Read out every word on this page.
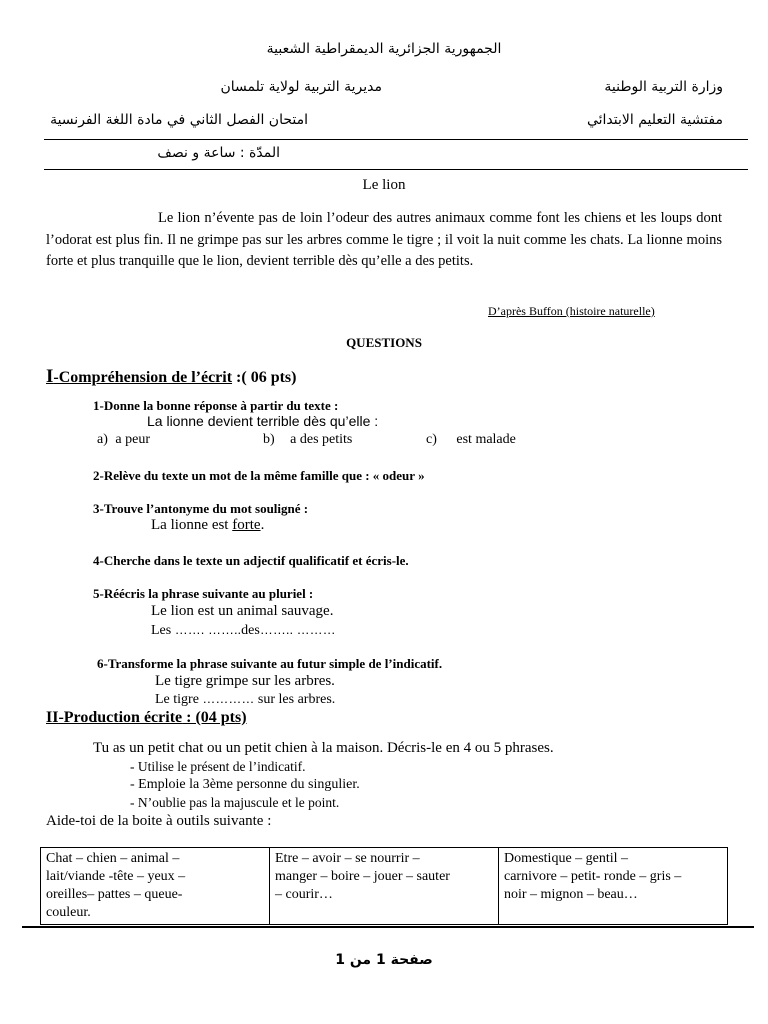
الجمهورية الجزائرية الديمقراطية الشعبية
وزارة التربية الوطنية
مديرية التربية لولاية تلمسان
مفتشية التعليم الابتدائي
امتحان الفصل الثاني في مادة اللغة الفرنسية
المدّة : ساعة و نصف
Le lion
Le lion n’évente pas de loin l’odeur des autres animaux comme font les chiens et les loups dont l’odorat est plus fin. Il ne grimpe pas sur les arbres comme le tigre ; il voit la nuit comme les chats. La lionne moins forte et plus tranquille que le lion, devient terrible dès qu’elle a des petits.
D’après Buffon (histoire naturelle)
QUESTIONS
I-Compréhension de l’écrit :( 06 pts)
1-Donne la bonne réponse à partir du texte :
La lionne devient terrible dès qu’elle :
a) a peur	b) a des petits	c) est malade
2-Relève du texte un mot de la même famille que : « odeur »
3-Trouve l’antonyme du mot souligné :
La lionne est forte.
4-Cherche dans le texte un adjectif qualificatif et écris-le.
5-Réécris la phrase suivante au pluriel :
Le lion est un animal sauvage.
Les ……. ……..des…….. ………
6-Transforme la phrase suivante au futur simple de l’indicatif.
Le tigre grimpe sur les arbres.
Le tigre ………… sur les arbres.
II-Production écrite : (04 pts)
Tu as un petit chat ou un petit chien à la maison. Décris-le en 4 ou 5 phrases.
- Utilise le présent de l’indicatif.
- Emploie la 3ème personne du singulier.
- N’oublie pas la majuscule et le point.
Aide-toi de la boite à outils suivante :
Chat – chien – animal –
lait/viande -tête – yeux –
oreilles– pattes – queue-
couleur.

Etre – avoir – se nourrir –
manger – boire – jouer – sauter
– courir…

Domestique – gentil –
carnivore – petit- ronde – gris –
noir – mignon – beau…
صفحة 1 من 1
